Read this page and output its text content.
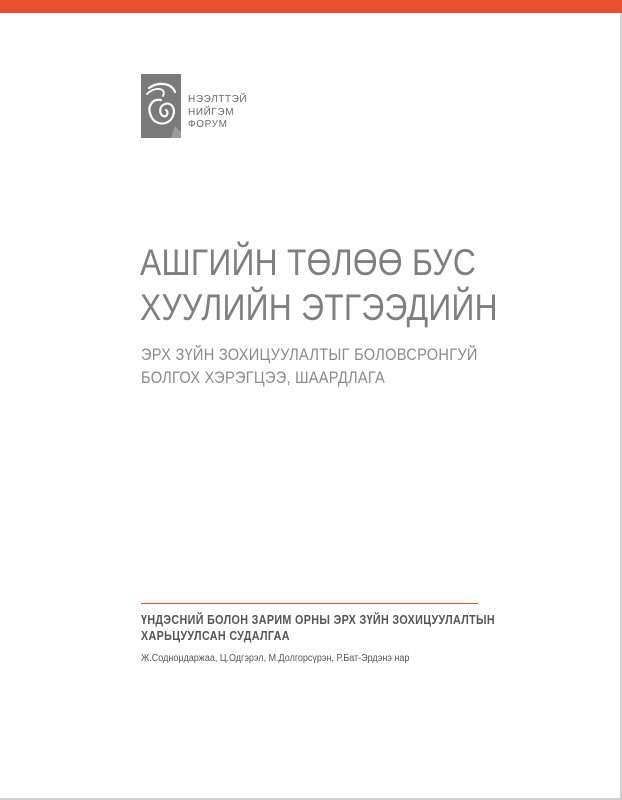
НЭЭЛТТЭЙ
НИЙГЭМ
ФОРУМ
АШГИЙН ТӨЛӨӨ БУС
ХУУЛИЙН ЭТГЭЭДИЙН
ЭРХ ЗҮЙН ЗОХИЦУУЛАЛТЫГ БОЛОВСРОНГУЙ
БОЛГОХ ХЭРЭГЦЭЭ, ШААРДЛАГА
ҮНДЭСНИЙ БОЛОН ЗАРИМ ОРНЫ ЭРХ ЗҮЙН ЗОХИЦУУЛАЛТЫН
ХАРЬЦУУЛСАН СУДАЛГАА
Ж.Соднομдаржаа, Ц.Одгэрэл, М.Долгорсүрэн, Р.Бат-Эрдэнэ нар
